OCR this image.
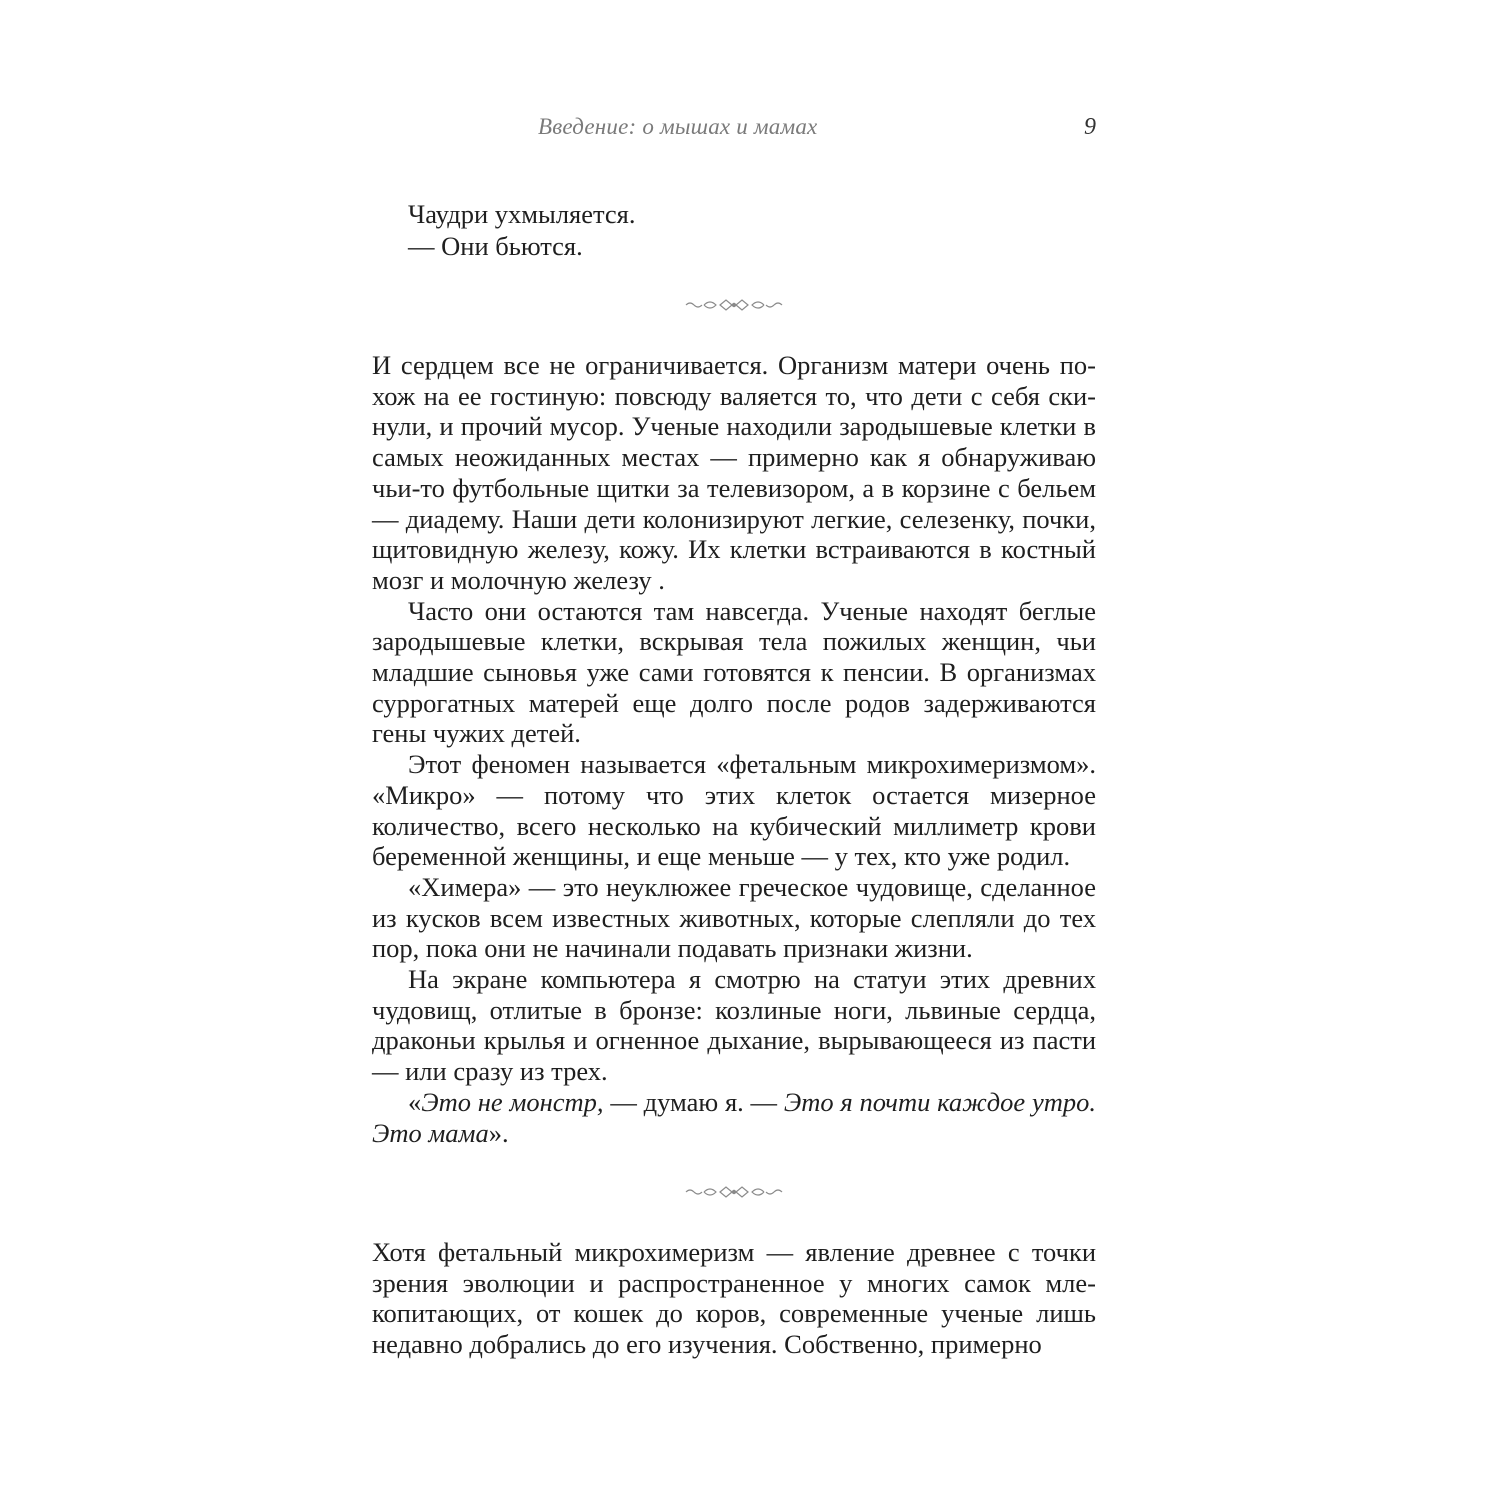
Введение: о мышах и мамах	9

Чаудри ухмыляется.

— Они бьются.

И сердцем все не ограничивается. Организм матери очень похож на ее гостиную: повсюду валяется то, что дети с себя скинули, и прочий мусор. Ученые находили зародышевые клетки в самых неожиданных местах — примерно как я обнаруживаю чьи-то футбольные щитки за телевизором, а в корзине с бельем — диадему. Наши дети колонизируют легкие, селезенку, почки, щитовидную железу, кожу. Их клетки встраиваются в костный мозг и молочную железу .

Часто они остаются там навсегда. Ученые находят беглые зародышевые клетки, вскрывая тела пожилых женщин, чьи младшие сыновья уже сами готовятся к пенсии. В организмах суррогатных матерей еще долго после родов задерживаются гены чужих детей.

Этот феномен называется «фетальным микрохимеризмом». «Микро» — потому что этих клеток остается мизерное количество, всего несколько на кубический миллиметр крови беременной женщины, и еще меньше — у тех, кто уже родил.

«Химера» — это неуклюжее греческое чудовище, сделанное из кусков всем известных животных, которые слепляли до тех пор, пока они не начинали подавать признаки жизни.

На экране компьютера я смотрю на статуи этих древних чудовищ, отлитые в бронзе: козлиные ноги, львиные сердца, драконьи крылья и огненное дыхание, вырывающееся из пасти — или сразу из трех.

«Это не монстр, — думаю я. — Это я почти каждое утро. Это мама».

Хотя фетальный микрохимеризм — явление древнее с точки зрения эволюции и распространенное у многих самок млекопитающих, от кошек до коров, современные ученые лишь недавно добрались до его изучения. Собственно, примерно
